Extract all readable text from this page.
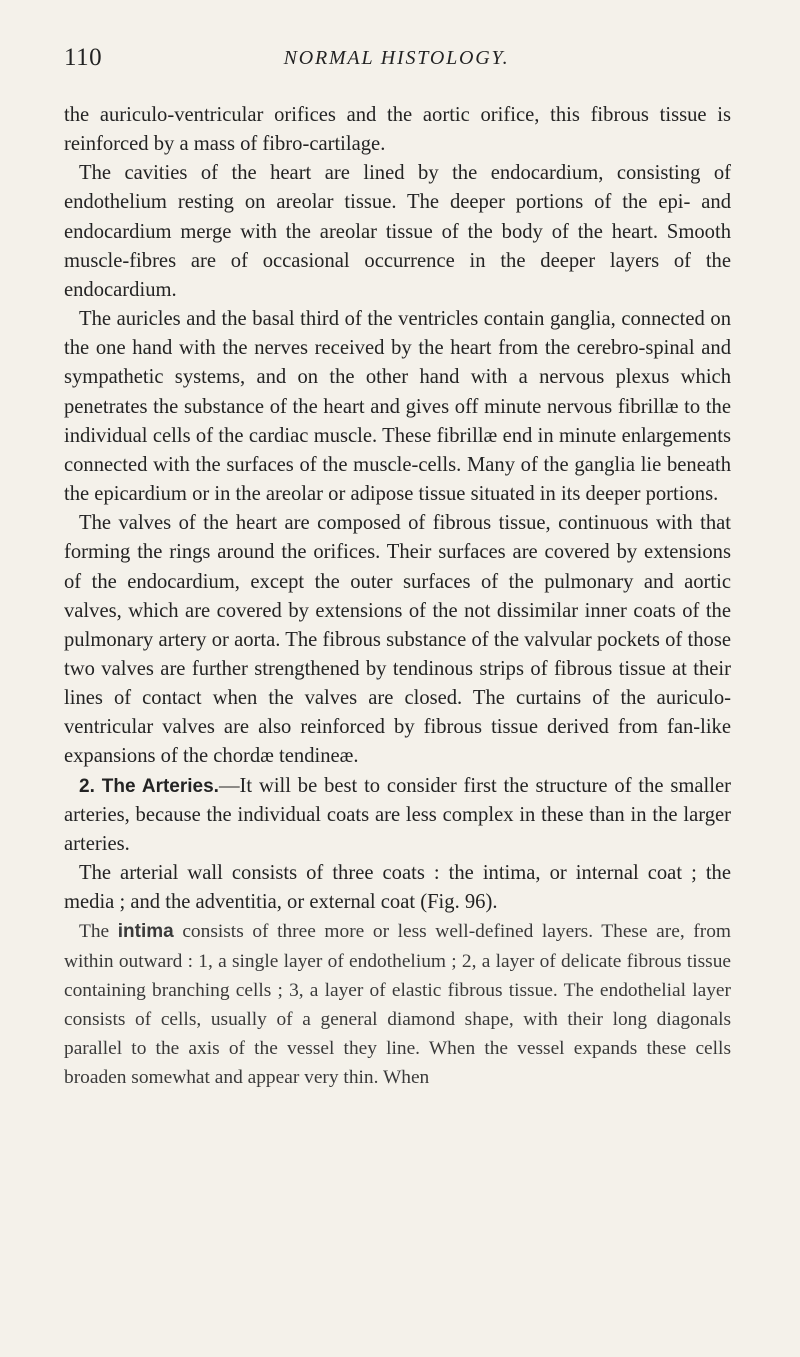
110	NORMAL HISTOLOGY.

the auriculo-ventricular orifices and the aortic orifice, this fibrous tissue is reinforced by a mass of fibro-cartilage.

The cavities of the heart are lined by the endocardium, consisting of endothelium resting on areolar tissue. The deeper portions of the epi- and endocardium merge with the areolar tissue of the body of the heart. Smooth muscle-fibres are of occasional occurrence in the deeper layers of the endocardium.

The auricles and the basal third of the ventricles contain ganglia, connected on the one hand with the nerves received by the heart from the cerebro-spinal and sympathetic systems, and on the other hand with a nervous plexus which penetrates the substance of the heart and gives off minute nervous fibrillæ to the individual cells of the cardiac muscle. These fibrillæ end in minute enlargements connected with the surfaces of the muscle-cells. Many of the ganglia lie beneath the epicardium or in the areolar or adipose tissue situated in its deeper portions.

The valves of the heart are composed of fibrous tissue, continuous with that forming the rings around the orifices. Their surfaces are covered by extensions of the endocardium, except the outer surfaces of the pulmonary and aortic valves, which are covered by extensions of the not dissimilar inner coats of the pulmonary artery or aorta. The fibrous substance of the valvular pockets of those two valves are further strengthened by tendinous strips of fibrous tissue at their lines of contact when the valves are closed. The curtains of the auriculo-ventricular valves are also reinforced by fibrous tissue derived from fan-like expansions of the chordæ tendineæ.

2. The Arteries.—It will be best to consider first the structure of the smaller arteries, because the individual coats are less complex in these than in the larger arteries.

The arterial wall consists of three coats : the intima, or internal coat ; the media ; and the adventitia, or external coat (Fig. 96).

The intima consists of three more or less well-defined layers. These are, from within outward : 1, a single layer of endothelium ; 2, a layer of delicate fibrous tissue containing branching cells ; 3, a layer of elastic fibrous tissue. The endothelial layer consists of cells, usually of a general diamond shape, with their long diagonals parallel to the axis of the vessel they line. When the vessel expands these cells broaden somewhat and appear very thin. When
